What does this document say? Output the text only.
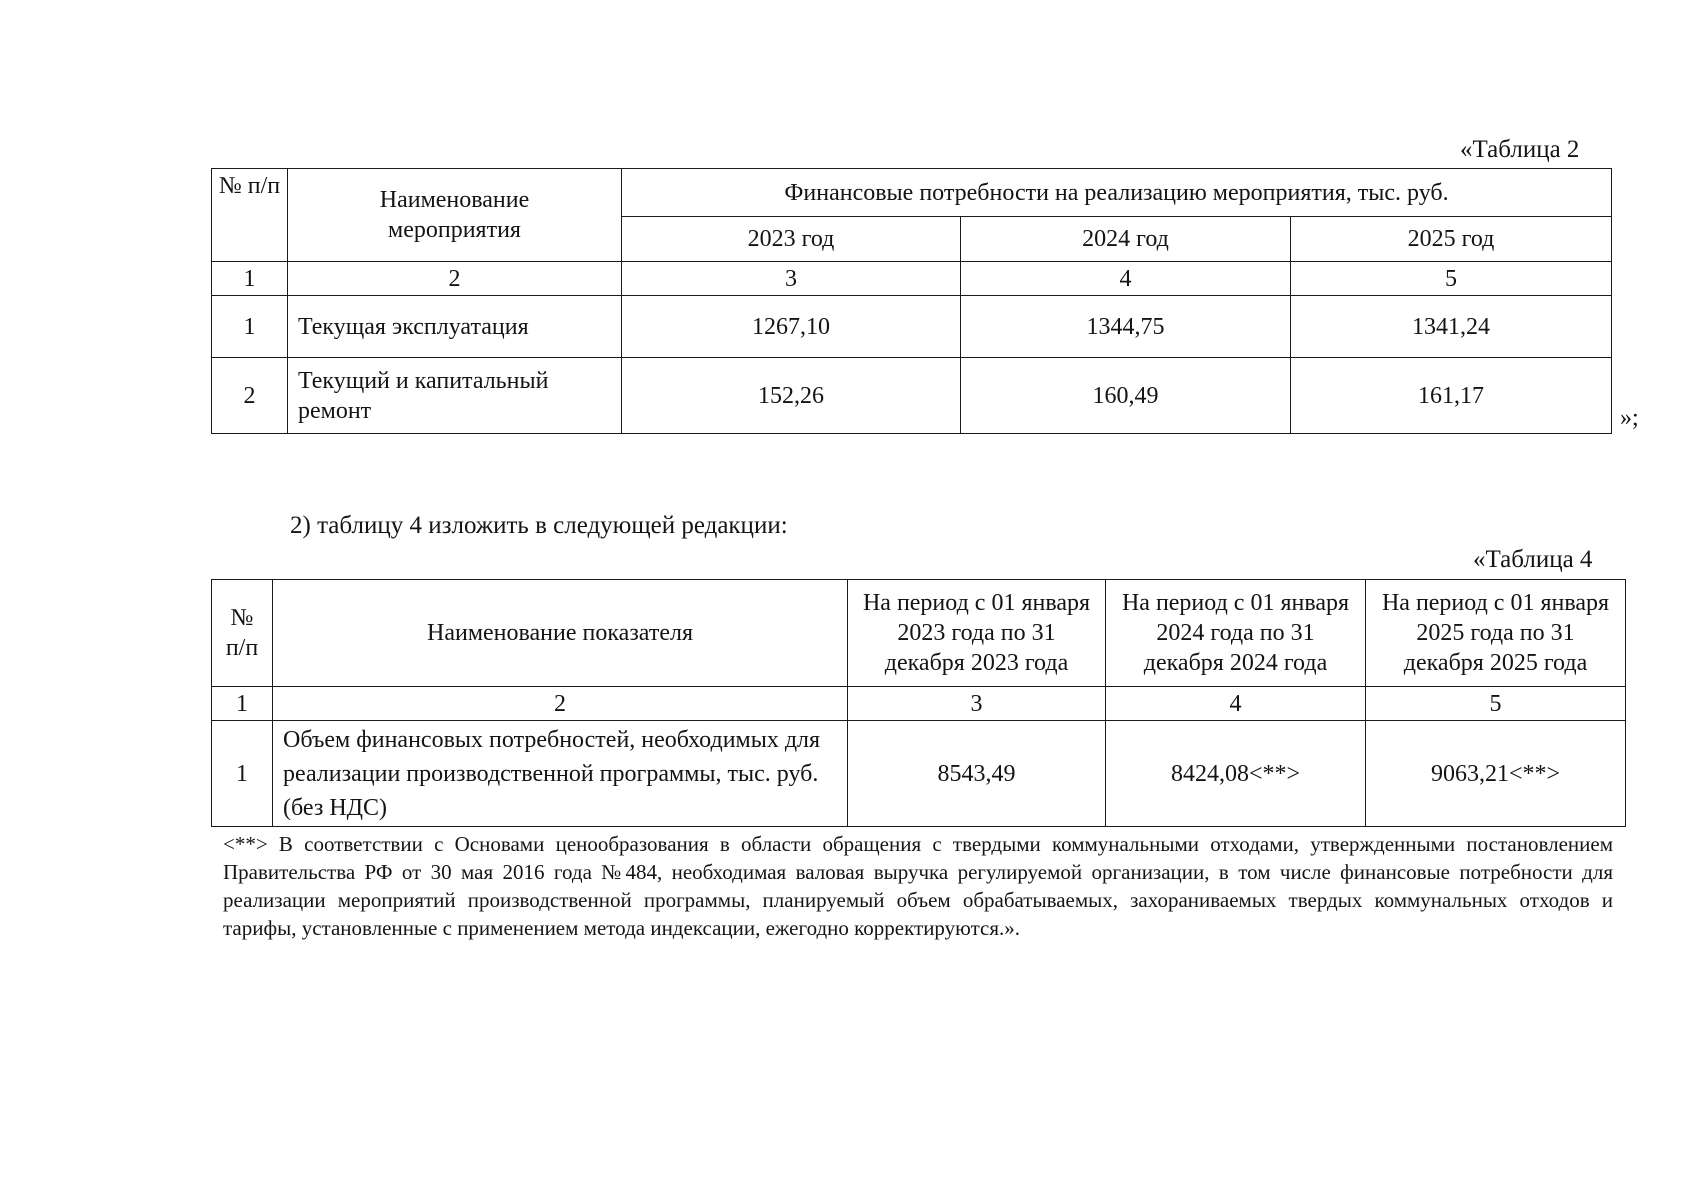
«Таблица 2
№ п/п	Наименование мероприятия	Финансовые потребности на реализацию мероприятия, тыс. руб.		
		2023 год	2024 год	2025 год
1	2	3	4	5
1	Текущая эксплуатация	1267,10	1344,75	1341,24
2	Текущий и капитальный ремонт	152,26	160,49	161,17
»;
2) таблицу 4 изложить в следующей редакции:
«Таблица 4
№ п/п	Наименование показателя	На период с 01 января 2023 года по 31 декабря 2023 года	На период с 01 января 2024 года по 31 декабря 2024 года	На период с 01 января 2025 года по 31 декабря 2025 года
1	2	3	4	5
1	Объем финансовых потребностей, необходимых для реализации производственной программы, тыс. руб. (без НДС)	8543,49	8424,08<**>	9063,21<**>
<**> В соответствии с Основами ценообразования в области обращения с твердыми коммунальными отходами, утвержденными постановлением Правительства РФ от 30 мая 2016 года №484, необходимая валовая выручка регулируемой организации, в том числе финансовые потребности для реализации мероприятий производственной программы, планируемый объем обрабатываемых, захораниваемых твердых коммунальных отходов и тарифы, установленные с применением метода индексации, ежегодно корректируются.».
